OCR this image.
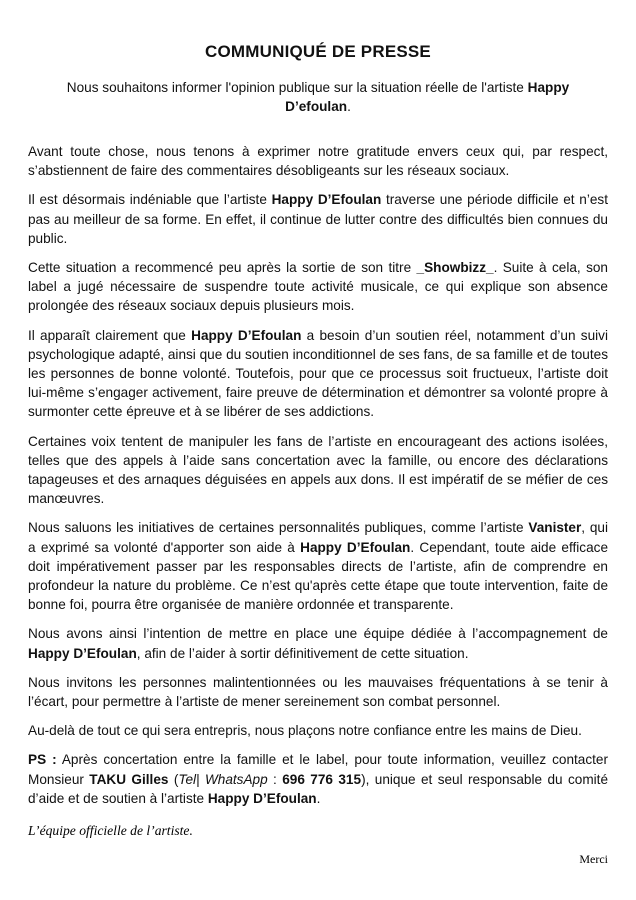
COMMUNIQUÉ DE PRESSE

Nous souhaitons informer l'opinion publique sur la situation réelle de l'artiste Happy D’efoulan.

Avant toute chose, nous tenons à exprimer notre gratitude envers ceux qui, par respect, s’abstiennent de faire des commentaires désobligeants sur les réseaux sociaux.

Il est désormais indéniable que l’artiste Happy D’Efoulan traverse une période difficile et n’est pas au meilleur de sa forme. En effet, il continue de lutter contre des difficultés bien connues du public.

Cette situation a recommencé peu après la sortie de son titre _Showbizz_. Suite à cela, son label a jugé nécessaire de suspendre toute activité musicale, ce qui explique son absence prolongée des réseaux sociaux depuis plusieurs mois.

Il apparaît clairement que Happy D’Efoulan a besoin d’un soutien réel, notamment d’un suivi psychologique adapté, ainsi que du soutien inconditionnel de ses fans, de sa famille et de toutes les personnes de bonne volonté. Toutefois, pour que ce processus soit fructueux, l’artiste doit lui-même s’engager activement, faire preuve de détermination et démontrer sa volonté propre à surmonter cette épreuve et à se libérer de ses addictions.

Certaines voix tentent de manipuler les fans de l’artiste en encourageant des actions isolées, telles que des appels à l’aide sans concertation avec la famille, ou encore des déclarations tapageuses et des arnaques déguisées en appels aux dons. Il est impératif de se méfier de ces manœuvres.

Nous saluons les initiatives de certaines personnalités publiques, comme l’artiste Vanister, qui a exprimé sa volonté d'apporter son aide à Happy D’Efoulan. Cependant, toute aide efficace doit impérativement passer par les responsables directs de l’artiste, afin de comprendre en profondeur la nature du problème. Ce n’est qu'après cette étape que toute intervention, faite de bonne foi, pourra être organisée de manière ordonnée et transparente.

Nous avons ainsi l’intention de mettre en place une équipe dédiée à l’accompagnement de Happy D’Efoulan, afin de l’aider à sortir définitivement de cette situation.

Nous invitons les personnes malintentionnées ou les mauvaises fréquentations à se tenir à l’écart, pour permettre à l’artiste de mener sereinement son combat personnel.

Au-delà de tout ce qui sera entrepris, nous plaçons notre confiance entre les mains de Dieu.

PS : Après concertation entre la famille et le label, pour toute information, veuillez contacter Monsieur TAKU Gilles (Tel| WhatsApp : 696 776 315), unique et seul responsable du comité d’aide et de soutien à l’artiste Happy D’Efoulan.

L’équipe officielle de l’artiste.
Merci
